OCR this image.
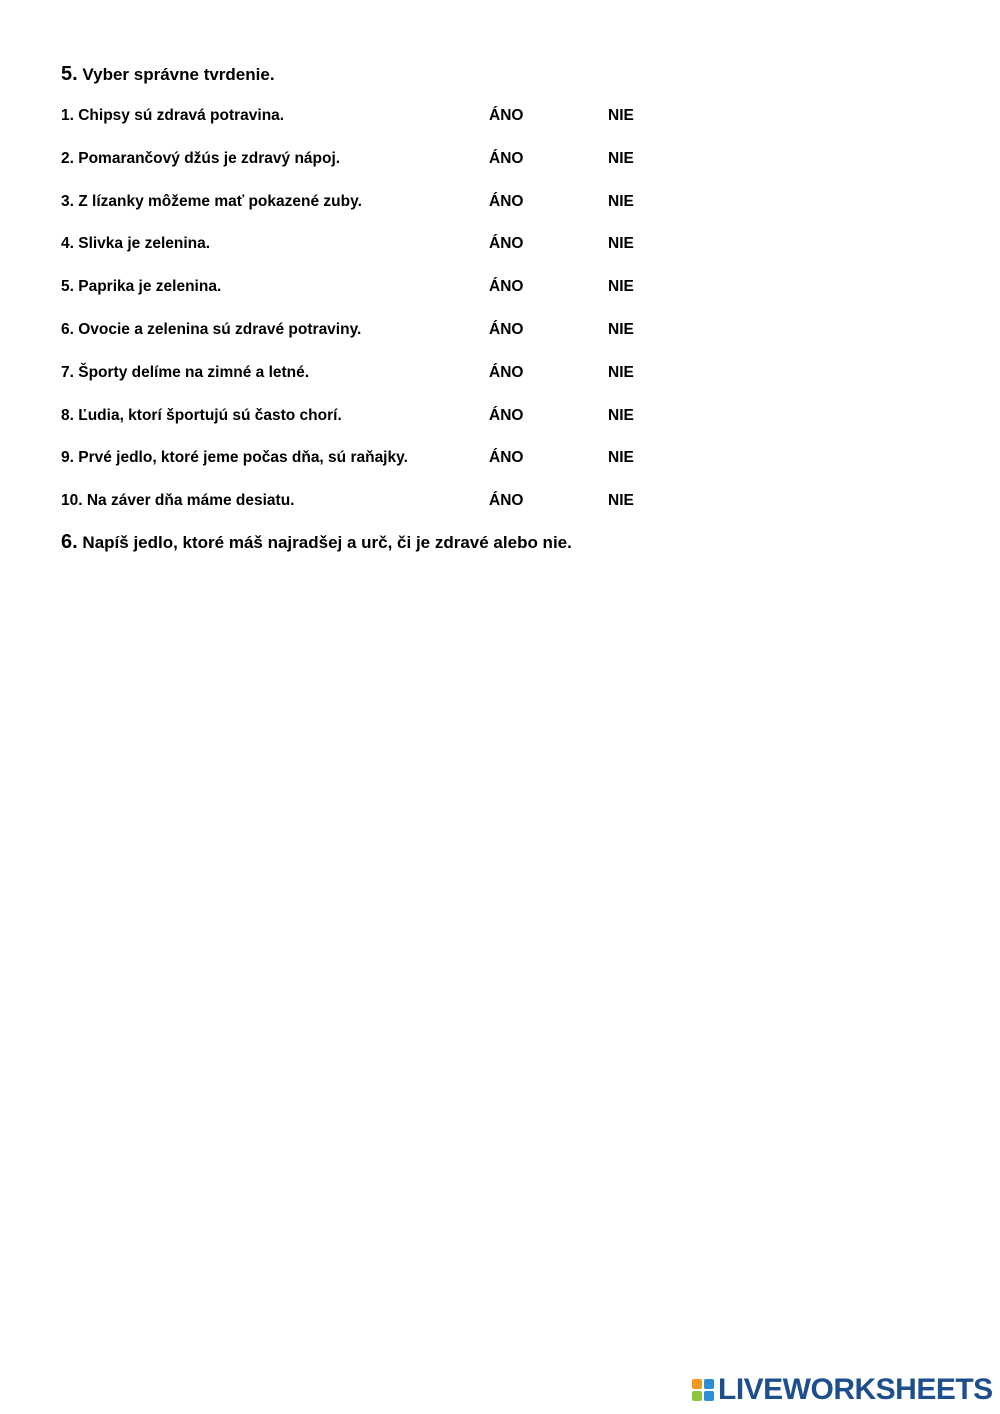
5. Vyber správne tvrdenie.
1. Chipsy sú zdravá potravina.	ÁNO	NIE
2. Pomarančový džús je zdravý nápoj.	ÁNO	NIE
3. Z lízanky môžeme mať pokazené zuby.	ÁNO	NIE
4. Slivka je zelenina.	ÁNO	NIE
5. Paprika je zelenina.	ÁNO	NIE
6. Ovocie a zelenina sú zdravé potraviny.	ÁNO	NIE
7. Športy delíme na zimné a letné.	ÁNO	NIE
8. Ľudia, ktorí športujú sú často chorí.	ÁNO	NIE
9. Prvé jedlo, ktoré jeme počas dňa, sú raňajky.	ÁNO	NIE
10. Na záver dňa máme desiatu.	ÁNO	NIE
6. Napíš jedlo, ktoré máš najradšej a urč, či je zdravé alebo nie.
LIVEWORKSHEETS
